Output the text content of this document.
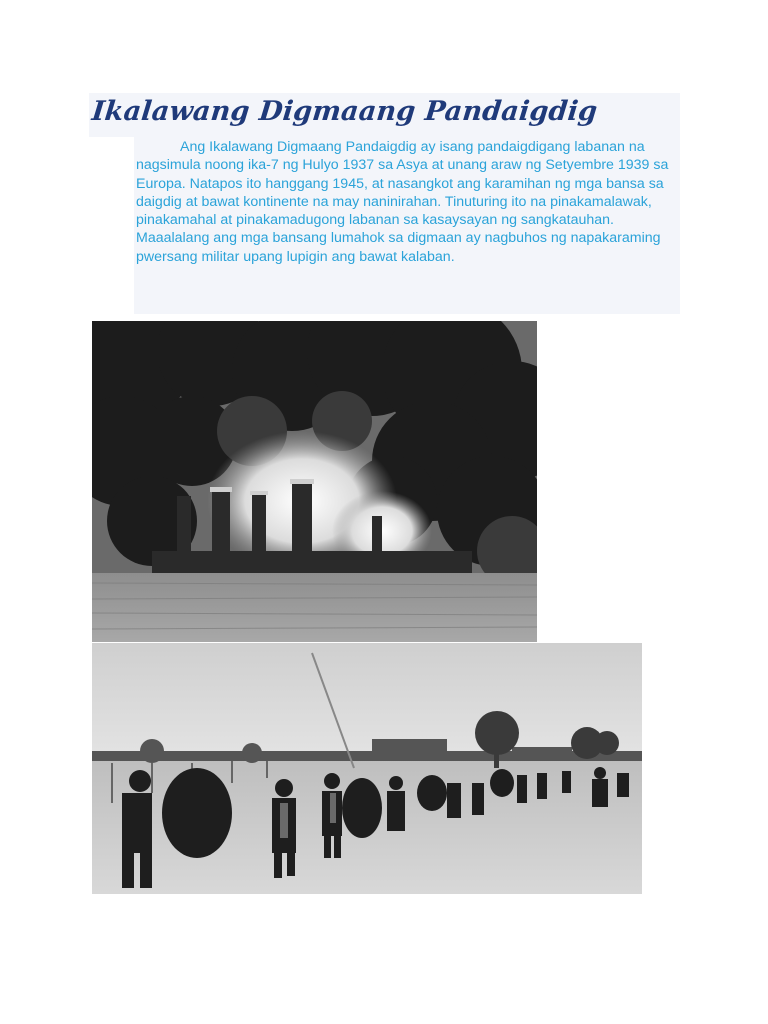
Ikalawang Digmaang Pandaigdig

Ang Ikalawang Digmaang Pandaigdig ay isang pandaigdigang labanan na nagsimula noong ika-7 ng Hulyo 1937 sa Asya at unang araw ng Setyembre 1939 sa Europa. Natapos ito hanggang 1945, at nasangkot ang karamihan ng mga bansa sa daigdig at bawat kontinente na may naninirahan. Tinuturing ito na pinakamalawak, pinakamahal at pinakamadugong labanan sa kasaysayan ng sangkatauhan. Maaalalang ang mga bansang lumahok sa digmaan ay nagbuhos ng napakaraming pwersang militar upang lupigin ang bawat kalaban.
